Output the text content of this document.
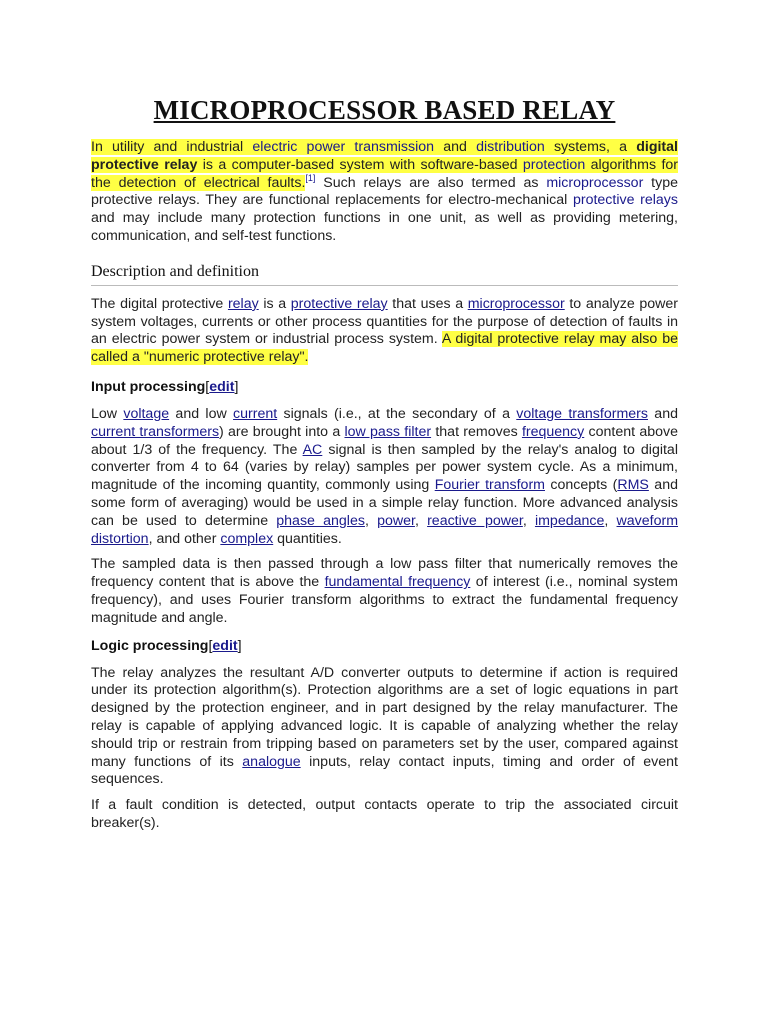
MICROPROCESSOR BASED RELAY

In utility and industrial electric power transmission and distribution systems, a digital protective relay is a computer-based system with software-based protection algorithms for the detection of electrical faults.[1] Such relays are also termed as microprocessor type protective relays. They are functional replacements for electro-mechanical protective relays and may include many protection functions in one unit, as well as providing metering, communication, and self-test functions.

Description and definition

The digital protective relay is a protective relay that uses a microprocessor to analyze power system voltages, currents or other process quantities for the purpose of detection of faults in an electric power system or industrial process system. A digital protective relay may also be called a "numeric protective relay".

Input processing[edit]

Low voltage and low current signals (i.e., at the secondary of a voltage transformers and current transformers) are brought into a low pass filter that removes frequency content above about 1/3 of the frequency. The AC signal is then sampled by the relay's analog to digital converter from 4 to 64 (varies by relay) samples per power system cycle. As a minimum, magnitude of the incoming quantity, commonly using Fourier transform concepts (RMS and some form of averaging) would be used in a simple relay function. More advanced analysis can be used to determine phase angles, power, reactive power, impedance, waveform distortion, and other complex quantities.

The sampled data is then passed through a low pass filter that numerically removes the frequency content that is above the fundamental frequency of interest (i.e., nominal system frequency), and uses Fourier transform algorithms to extract the fundamental frequency magnitude and angle.

Logic processing[edit]

The relay analyzes the resultant A/D converter outputs to determine if action is required under its protection algorithm(s). Protection algorithms are a set of logic equations in part designed by the protection engineer, and in part designed by the relay manufacturer. The relay is capable of applying advanced logic. It is capable of analyzing whether the relay should trip or restrain from tripping based on parameters set by the user, compared against many functions of its analogue inputs, relay contact inputs, timing and order of event sequences.

If a fault condition is detected, output contacts operate to trip the associated circuit breaker(s).
